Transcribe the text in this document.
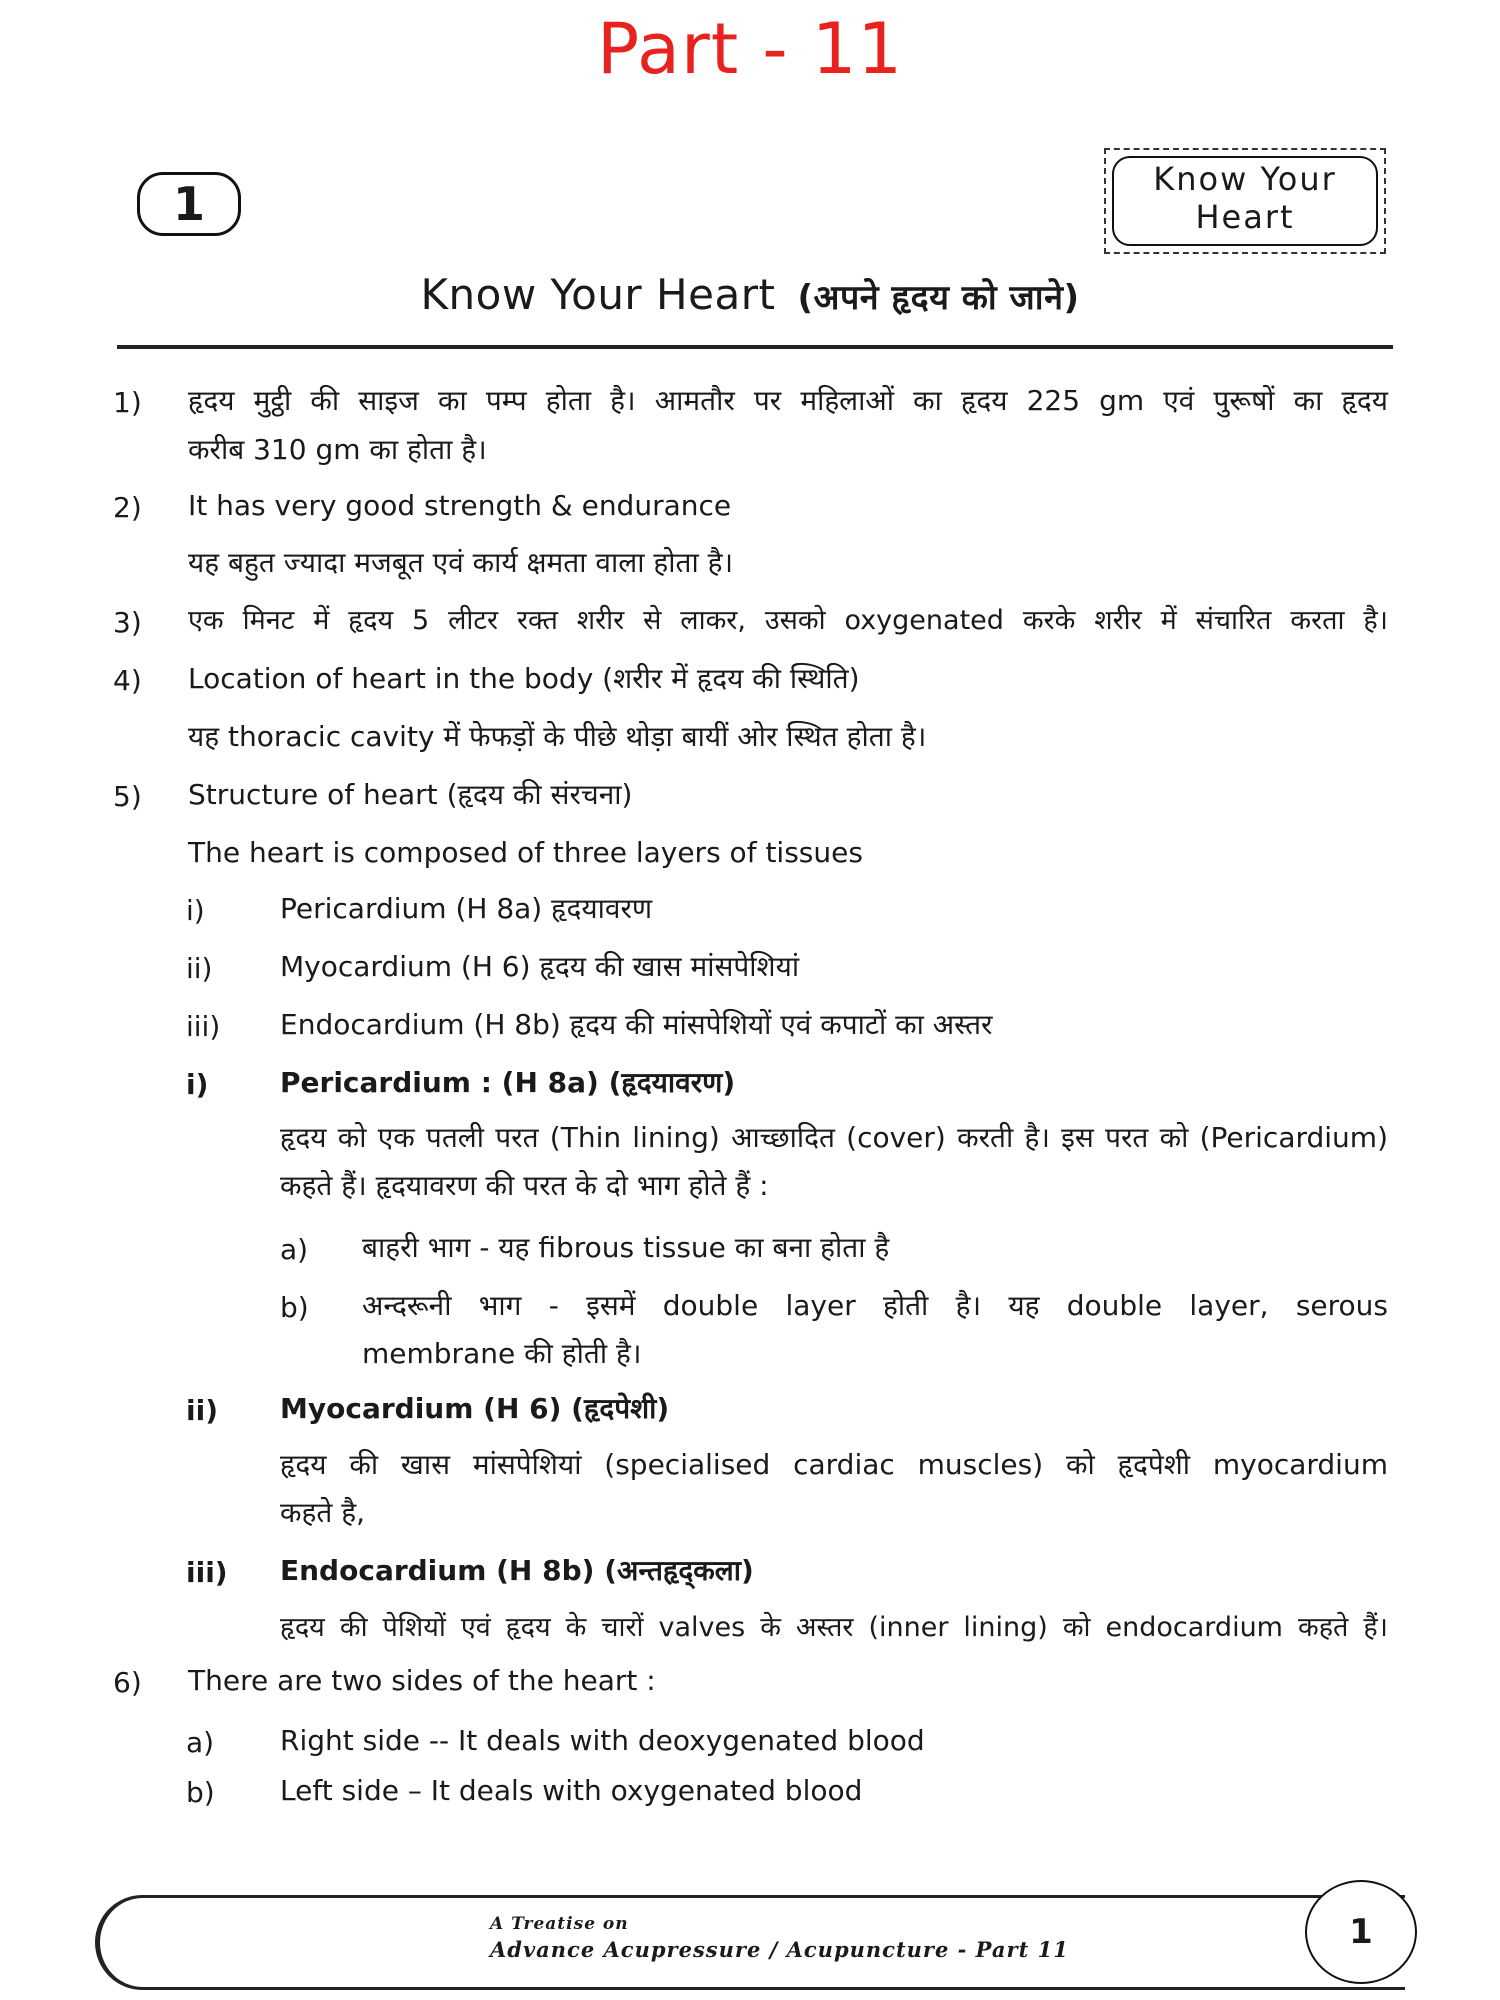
Part - 11
1	Know Your
Heart
Know Your Heart (अपने हृदय को जाने)
1) हृदय मुट्ठी की साइज का पम्प होता है। आमतौर पर महिलाओं का हृदय 225 gm एवं पुरूषों का हृदय
करीब 310 gm का होता है।
2) It has very good strength & endurance
यह बहुत ज्यादा मजबूत एवं कार्य क्षमता वाला होता है।
3) एक मिनट में हृदय 5 लीटर रक्त शरीर से लाकर, उसको oxygenated करके शरीर में संचारित करता है।
4) Location of heart in the body (शरीर में हृदय की स्थिति)
यह thoracic cavity में फेफड़ों के पीछे थोड़ा बायीं ओर स्थित होता है।
5) Structure of heart (हृदय की संरचना)
The heart is composed of three layers of tissues
i)	Pericardium (H 8a) हृदयावरण
ii) Myocardium (H 6) हृदय की खास मांसपेशियां
iii) Endocardium (H 8b) हृदय की मांसपेशियों एवं कपाटों का अस्तर
i)	Pericardium : (H 8a) (हृदयावरण)
हृदय को एक पतली परत (Thin lining) आच्छादित (cover) करती है। इस परत को (Pericardium)
कहते हैं। हृदयावरण की परत के दो भाग होते हैं :
a) बाहरी भाग - यह fibrous tissue का बना होता है
b) अन्दरूनी भाग - इसमें double layer होती है। यह double layer, serous
membrane की होती है।
ii) Myocardium (H 6) (हृदपेशी)
हृदय की खास मांसपेशियां (specialised cardiac muscles) को हृदपेशी myocardium
कहते है,
iii) Endocardium (H 8b) (अन्तहृद्कला)
हृदय की पेशियों एवं हृदय के चारों valves के अस्तर (inner lining) को endocardium कहते हैं।
6) There are two sides of the heart :
a) Right side -- It deals with deoxygenated blood
b) Left side – It deals with oxygenated blood
A Treatise on
Advance Acupressure / Acupuncture - Part 11	1
